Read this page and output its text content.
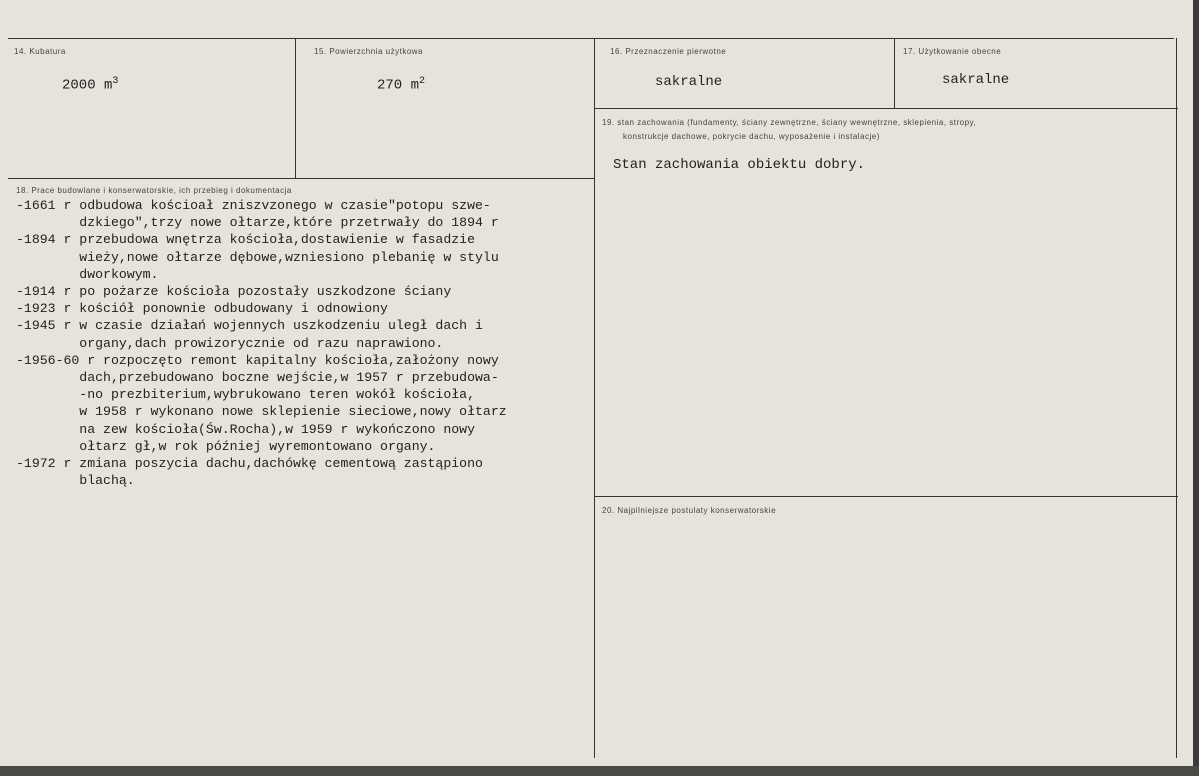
14. Kubatura
2000 $m^3$
15. Powierzchnia użytkowa
270 $m^2$
16. Przeznaczenie pierwotne
sakralne
17. Użytkowanie obecne
sakralne
19. stan zachowania (fundamenty, ściany zewnętrzne, ściany wewnętrzne, sklepienia, stropy,
konstrukcje dachowe, pokrycie dachu, wyposażenie i instalacje)
Stan zachowania obiektu dobry.
18. Prace budowlane i konserwatorskie, ich przebieg i dokumentacja
-1661 r odbudowa kościoał zniszvzonego w czasie"potopu szwe-
dzkiego",trzy nowe ołtarze,które przetrwały do 1894 r
-1894 r przebudowa wnętrza kościoła,dostawienie w fasadzie
wieży,nowe ołtarze dębowe,wzniesiono plebanię w stylu
dworkowym.
-1914 r po pożarze kościoła pozostały uszkodzone ściany
-1923 r kościół ponownie odbudowany i odnowiony
-1945 r w czasie działań wojennych uszkodzeniu uległ dach i
organy,dach prowizorycznie od razu naprawiono.
-1956-60 r rozpoczęto remont kapitalny kościoła,założony nowy
dach,przebudowano boczne wejście,w 1957 r przebudowa-
-no prezbiterium,wybrukowano teren wokół kościoła,
w 1958 r wykonano nowe sklepienie sieciowe,nowy ołtarz
na zew kościoła(Św.Rocha),w 1959 r wykończono nowy
ołtarz gł,w rok później wyremontowano organy.
-1972 r zmiana poszycia dachu,dachówkę cementową zastąpiono
blachą.
20. Najpilniejsze postulaty konserwatorskie
